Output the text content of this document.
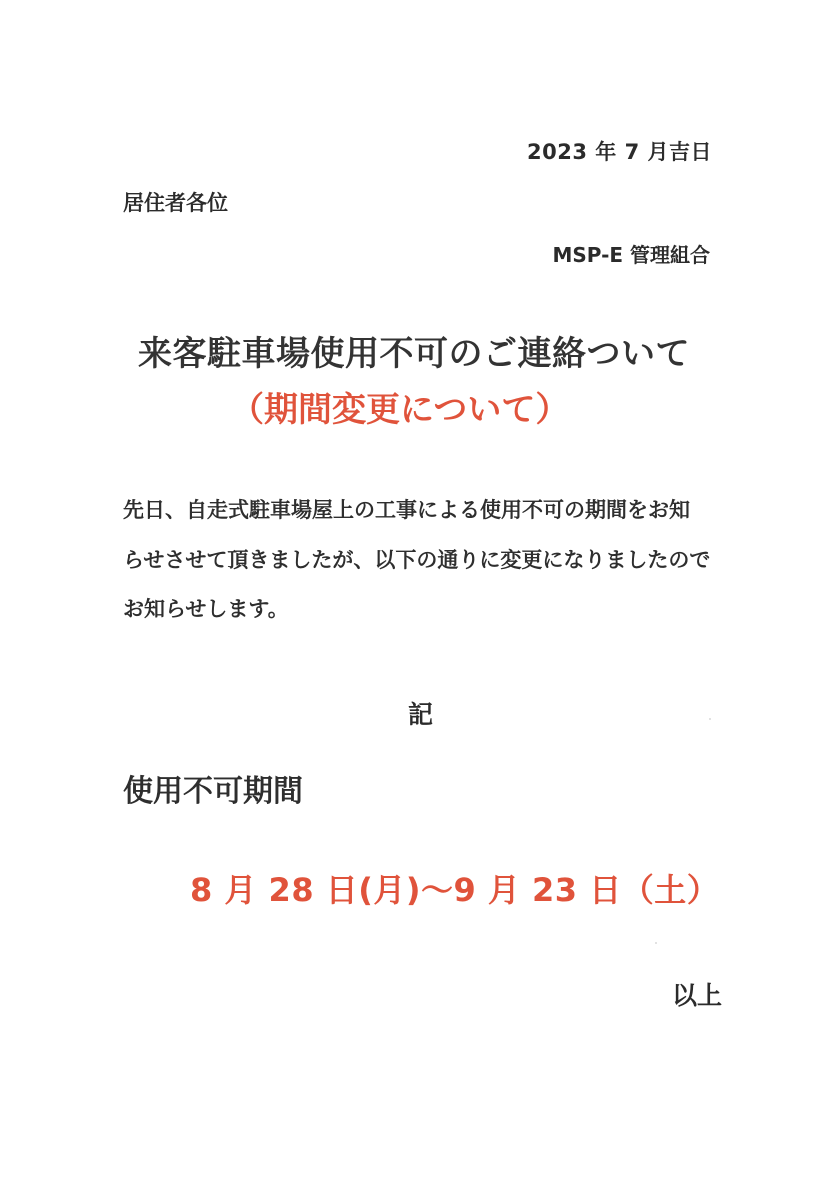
2023 年 7 月吉日

居住者各位

MSP-E 管理組合

来客駐車場使用不可のご連絡ついて
（期間変更について）

先日、自走式駐車場屋上の工事による使用不可の期間をお知

らせさせて頂きましたが、以下の通りに変更になりましたので

お知らせします。

記

使用不可期間

8 月 28 日(月)～9 月 23 日（土）

以上
